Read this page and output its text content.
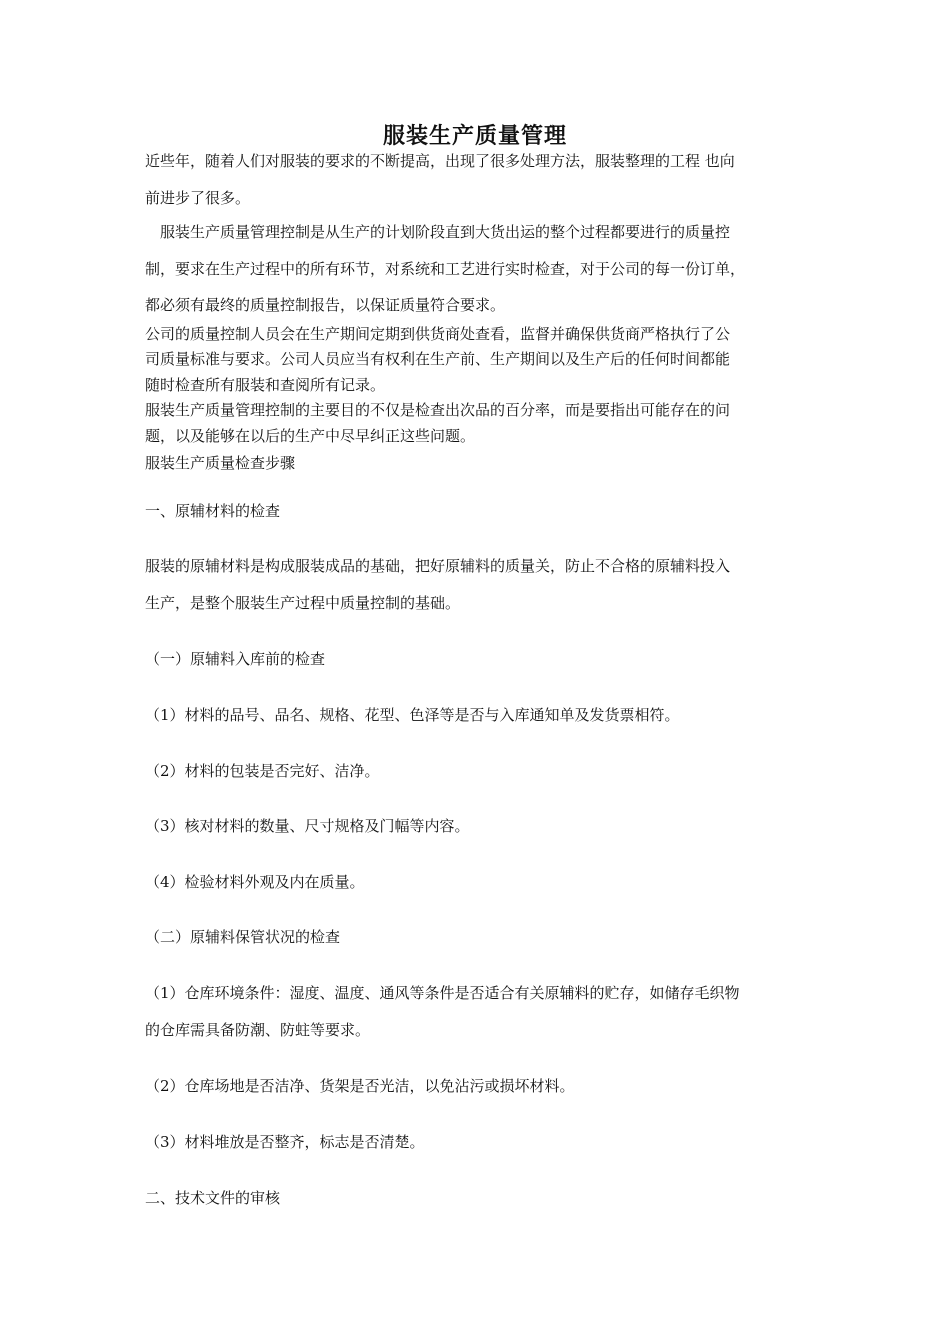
服装生产质量管理
近些年，随着人们对服装的要求的不断提高，出现了很多处理方法，服装整理的工程 也向
前进步了很多。
　服装生产质量管理控制是从生产的计划阶段直到大货出运的整个过程都要进行的质量控
制，要求在生产过程中的所有环节，对系统和工艺进行实时检查，对于公司的每一份订单，
都必须有最终的质量控制报告，以保证质量符合要求。
公司的质量控制人员会在生产期间定期到供货商处查看，监督并确保供货商严格执行了公
司质量标准与要求。公司人员应当有权利在生产前、生产期间以及生产后的任何时间都能
随时检查所有服装和查阅所有记录。
服装生产质量管理控制的主要目的不仅是检查出次品的百分率，而是要指出可能存在的问
题，以及能够在以后的生产中尽早纠正这些问题。
服装生产质量检查步骤
一、原辅材料的检查
服装的原辅材料是构成服装成品的基础，把好原辅料的质量关，防止不合格的原辅料投入
生产，是整个服装生产过程中质量控制的基础。
（一）原辅料入库前的检查
（1）材料的品号、品名、规格、花型、色泽等是否与入库通知单及发货票相符。
（2）材料的包装是否完好、洁净。
（3）核对材料的数量、尺寸规格及门幅等内容。
（4）检验材料外观及内在质量。
（二）原辅料保管状况的检查
（1）仓库环境条件：湿度、温度、通风等条件是否适合有关原辅料的贮存，如储存毛织物
的仓库需具备防潮、防蛀等要求。
（2）仓库场地是否洁净、货架是否光洁，以免沾污或损坏材料。
（3）材料堆放是否整齐，标志是否清楚。
二、技术文件的审核
